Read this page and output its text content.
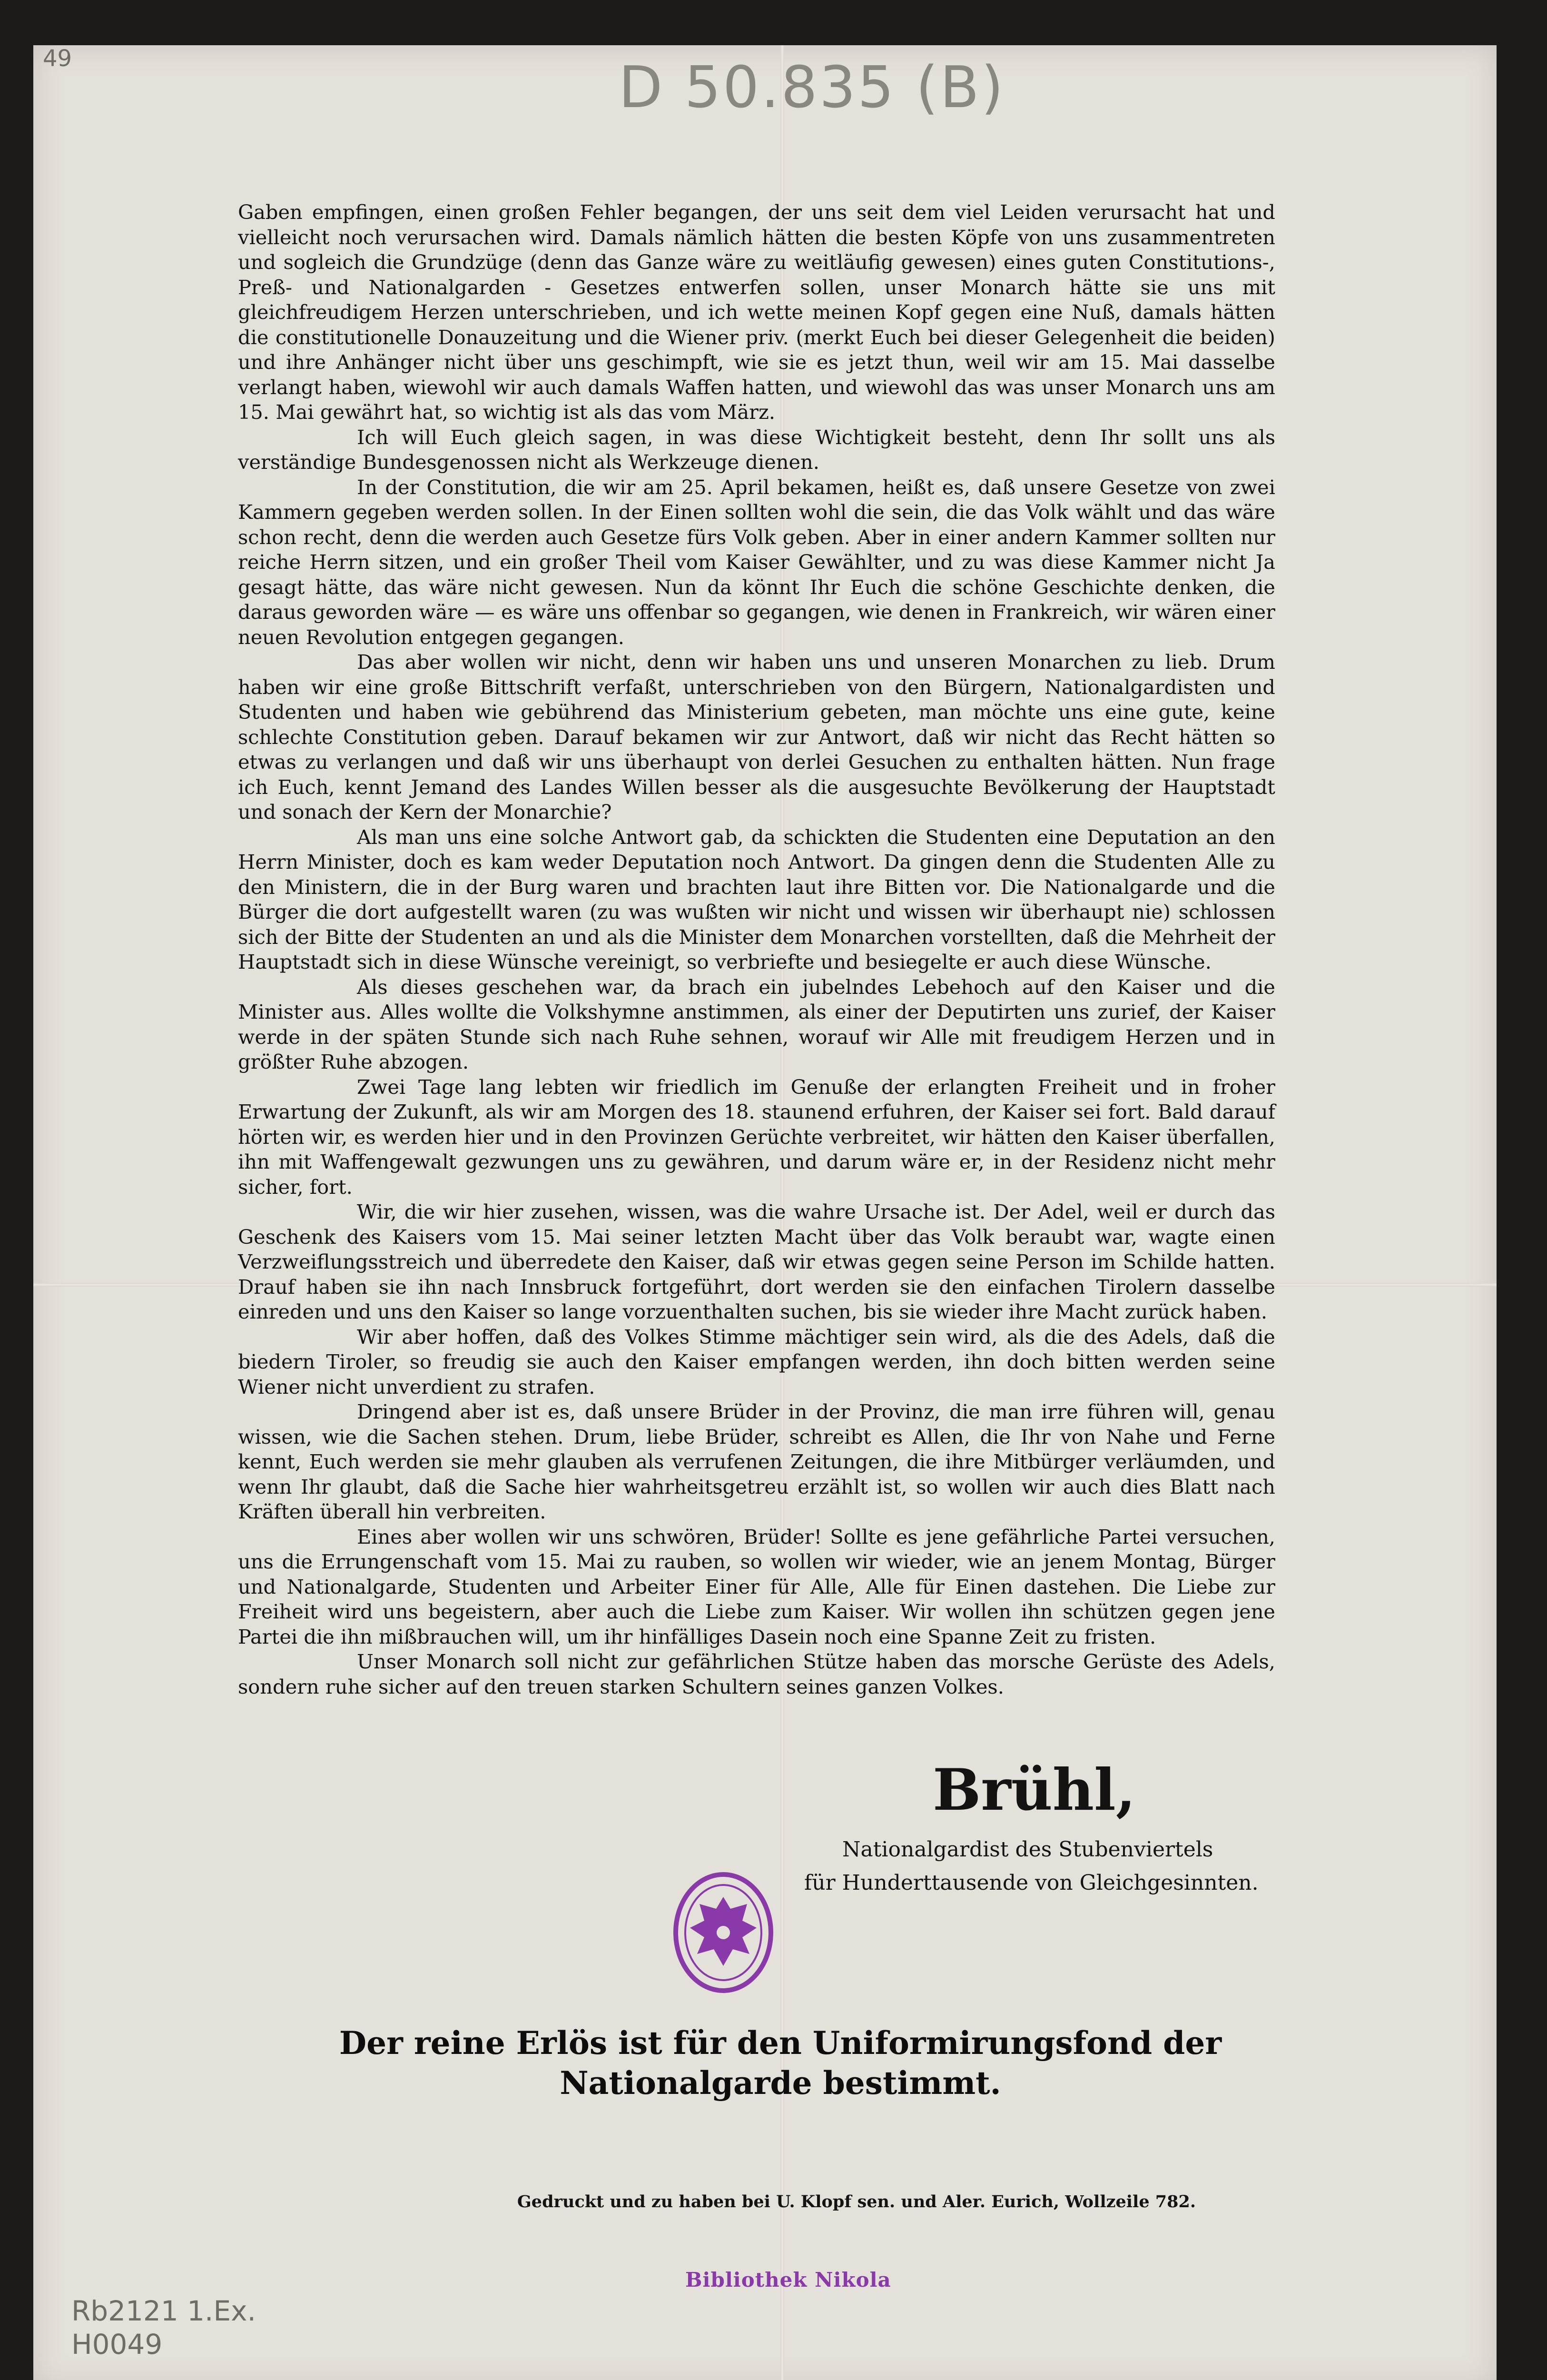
49	D 50.835 (B)

Gaben empfingen, einen großen Fehler begangen, der uns seit dem viel Leiden verursacht hat und vielleicht noch verursachen wird. Damals nämlich hätten die besten Köpfe von uns zusammentreten und sogleich die Grundzüge (denn das Ganze wäre zu weitläufig gewesen) eines guten Constitutions-, Preß- und Nationalgarden - Gesetzes entwerfen sollen, unser Monarch hätte sie uns mit gleichfreudigem Herzen unterschrieben, und ich wette meinen Kopf gegen eine Nuß, damals hätten die constitutionelle Donauzeitung und die Wiener priv. (merkt Euch bei dieser Gelegenheit die beiden) und ihre Anhänger nicht über uns geschimpft, wie sie es jetzt thun, weil wir am 15. Mai dasselbe verlangt haben, wiewohl wir auch damals Waffen hatten, und wiewohl das was unser Monarch uns am 15. Mai gewährt hat, so wichtig ist als das vom März.

Ich will Euch gleich sagen, in was diese Wichtigkeit besteht, denn Ihr sollt uns als verständige Bundesgenossen nicht als Werkzeuge dienen.

In der Constitution, die wir am 25. April bekamen, heißt es, daß unsere Gesetze von zwei Kammern gegeben werden sollen. In der Einen sollten wohl die sein, die das Volk wählt und das wäre schon recht, denn die werden auch Gesetze fürs Volk geben. Aber in einer andern Kammer sollten nur reiche Herrn sitzen, und ein großer Theil vom Kaiser Gewählter, und zu was diese Kammer nicht Ja gesagt hätte, das wäre nicht gewesen. Nun da könnt Ihr Euch die schöne Geschichte denken, die daraus geworden wäre — es wäre uns offenbar so gegangen, wie denen in Frankreich, wir wären einer neuen Revolution entgegen gegangen.

Das aber wollen wir nicht, denn wir haben uns und unseren Monarchen zu lieb. Drum haben wir eine große Bittschrift verfaßt, unterschrieben von den Bürgern, Nationalgardisten und Studenten und haben wie gebührend das Ministerium gebeten, man möchte uns eine gute, keine schlechte Constitution geben. Darauf bekamen wir zur Antwort, daß wir nicht das Recht hätten so etwas zu verlangen und daß wir uns überhaupt von derlei Gesuchen zu enthalten hätten. Nun frage ich Euch, kennt Jemand des Landes Willen besser als die ausgesuchte Bevölkerung der Hauptstadt und sonach der Kern der Monarchie?

Als man uns eine solche Antwort gab, da schickten die Studenten eine Deputation an den Herrn Minister, doch es kam weder Deputation noch Antwort. Da gingen denn die Studenten Alle zu den Ministern, die in der Burg waren und brachten laut ihre Bitten vor. Die Nationalgarde und die Bürger die dort aufgestellt waren (zu was wußten wir nicht und wissen wir überhaupt nie) schlossen sich der Bitte der Studenten an und als die Minister dem Monarchen vorstellten, daß die Mehrheit der Hauptstadt sich in diese Wünsche vereinigt, so verbriefte und besiegelte er auch diese Wünsche.

Als dieses geschehen war, da brach ein jubelndes Lebehoch auf den Kaiser und die Minister aus. Alles wollte die Volkshymne anstimmen, als einer der Deputirten uns zurief, der Kaiser werde in der späten Stunde sich nach Ruhe sehnen, worauf wir Alle mit freudigem Herzen und in größter Ruhe abzogen.

Zwei Tage lang lebten wir friedlich im Genuße der erlangten Freiheit und in froher Erwartung der Zukunft, als wir am Morgen des 18. staunend erfuhren, der Kaiser sei fort. Bald darauf hörten wir, es werden hier und in den Provinzen Gerüchte verbreitet, wir hätten den Kaiser überfallen, ihn mit Waffengewalt gezwungen uns zu gewähren, und darum wäre er, in der Residenz nicht mehr sicher, fort.

Wir, die wir hier zusehen, wissen, was die wahre Ursache ist. Der Adel, weil er durch das Geschenk des Kaisers vom 15. Mai seiner letzten Macht über das Volk beraubt war, wagte einen Verzweiflungsstreich und überredete den Kaiser, daß wir etwas gegen seine Person im Schilde hatten. Drauf haben sie ihn nach Innsbruck fortgeführt, dort werden sie den einfachen Tirolern dasselbe einreden und uns den Kaiser so lange vorzuenthalten suchen, bis sie wieder ihre Macht zurück haben.

Wir aber hoffen, daß des Volkes Stimme mächtiger sein wird, als die des Adels, daß die biedern Tiroler, so freudig sie auch den Kaiser empfangen werden, ihn doch bitten werden seine Wiener nicht unverdient zu strafen.

Dringend aber ist es, daß unsere Brüder in der Provinz, die man irre führen will, genau wissen, wie die Sachen stehen. Drum, liebe Brüder, schreibt es Allen, die Ihr von Nahe und Ferne kennt, Euch werden sie mehr glauben als verrufenen Zeitungen, die ihre Mitbürger verläumden, und wenn Ihr glaubt, daß die Sache hier wahrheitsgetreu erzählt ist, so wollen wir auch dies Blatt nach Kräften überall hin verbreiten.

Eines aber wollen wir uns schwören, Brüder! Sollte es jene gefährliche Partei versuchen, uns die Errungenschaft vom 15. Mai zu rauben, so wollen wir wieder, wie an jenem Montag, Bürger und Nationalgarde, Studenten und Arbeiter Einer für Alle, Alle für Einen dastehen. Die Liebe zur Freiheit wird uns begeistern, aber auch die Liebe zum Kaiser. Wir wollen ihn schützen gegen jene Partei die ihn mißbrauchen will, um ihr hinfälliges Dasein noch eine Spanne Zeit zu fristen.

Unser Monarch soll nicht zur gefährlichen Stütze haben das morsche Gerüste des Adels, sondern ruhe sicher auf den treuen starken Schultern seines ganzen Volkes.

Brühl,
Nationalgardist des Stubenviertels
für Hunderttausende von Gleichgesinnten.
Der reine Erlös ist für den Uniformirungsfond der Nationalgarde bestimmt.
Gedruckt und zu haben bei U. Klopf sen. und Aler. Eurich, Wollzeile 782.
Bibliothek Nikola
Rb2121 1.Ex.
H0049
